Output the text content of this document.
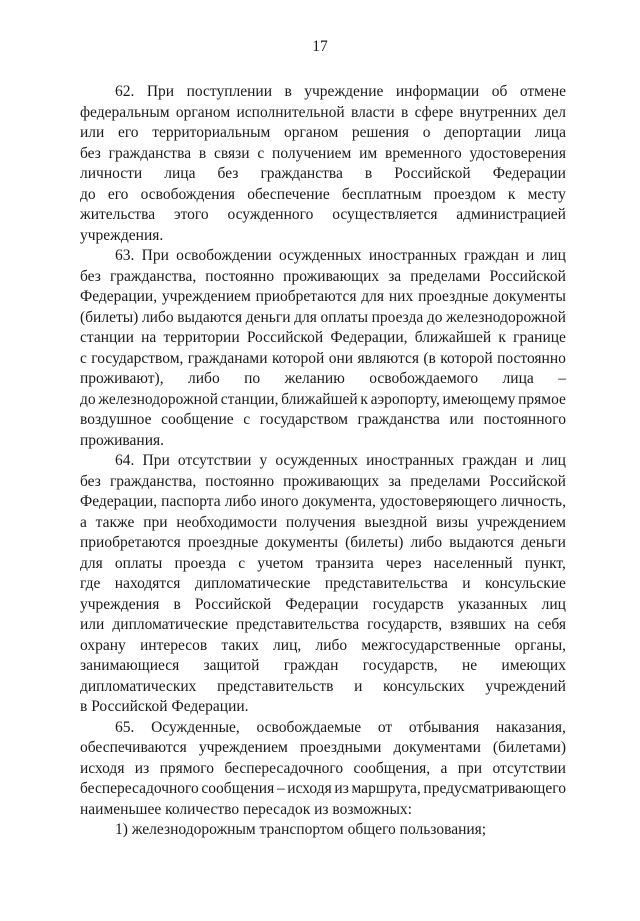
17
62. При поступлении в учреждение информации об отмене
федеральным органом исполнительной власти в сфере внутренних дел
или его территориальным органом решения о депортации лица
без гражданства в связи с получением им временного удостоверения
личности лица без гражданства в Российской Федерации
до его освобождения обеспечение бесплатным проездом к месту
жительства этого осужденного осуществляется администрацией
учреждения.
63. При освобождении осужденных иностранных граждан и лиц
без гражданства, постоянно проживающих за пределами Российской
Федерации, учреждением приобретаются для них проездные документы
(билеты) либо выдаются деньги для оплаты проезда до железнодорожной
станции на территории Российской Федерации, ближайшей к границе
с государством, гражданами которой они являются (в которой постоянно
проживают), либо по желанию освобождаемого лица –
до железнодорожной станции, ближайшей к аэропорту, имеющему прямое
воздушное сообщение с государством гражданства или постоянного
проживания.
64. При отсутствии у осужденных иностранных граждан и лиц
без гражданства, постоянно проживающих за пределами Российской
Федерации, паспорта либо иного документа, удостоверяющего личность,
а также при необходимости получения выездной визы учреждением
приобретаются проездные документы (билеты) либо выдаются деньги
для оплаты проезда с учетом транзита через населенный пункт,
где находятся дипломатические представительства и консульские
учреждения в Российской Федерации государств указанных лиц
или дипломатические представительства государств, взявших на себя
охрану интересов таких лиц, либо межгосударственные органы,
занимающиеся защитой граждан государств, не имеющих
дипломатических представительств и консульских учреждений
в Российской Федерации.
65. Осужденные, освобождаемые от отбывания наказания,
обеспечиваются учреждением проездными документами (билетами)
исходя из прямого беспересадочного сообщения, а при отсутствии
беспересадочного сообщения – исходя из маршрута, предусматривающего
наименьшее количество пересадок из возможных:
1) железнодорожным транспортом общего пользования;
